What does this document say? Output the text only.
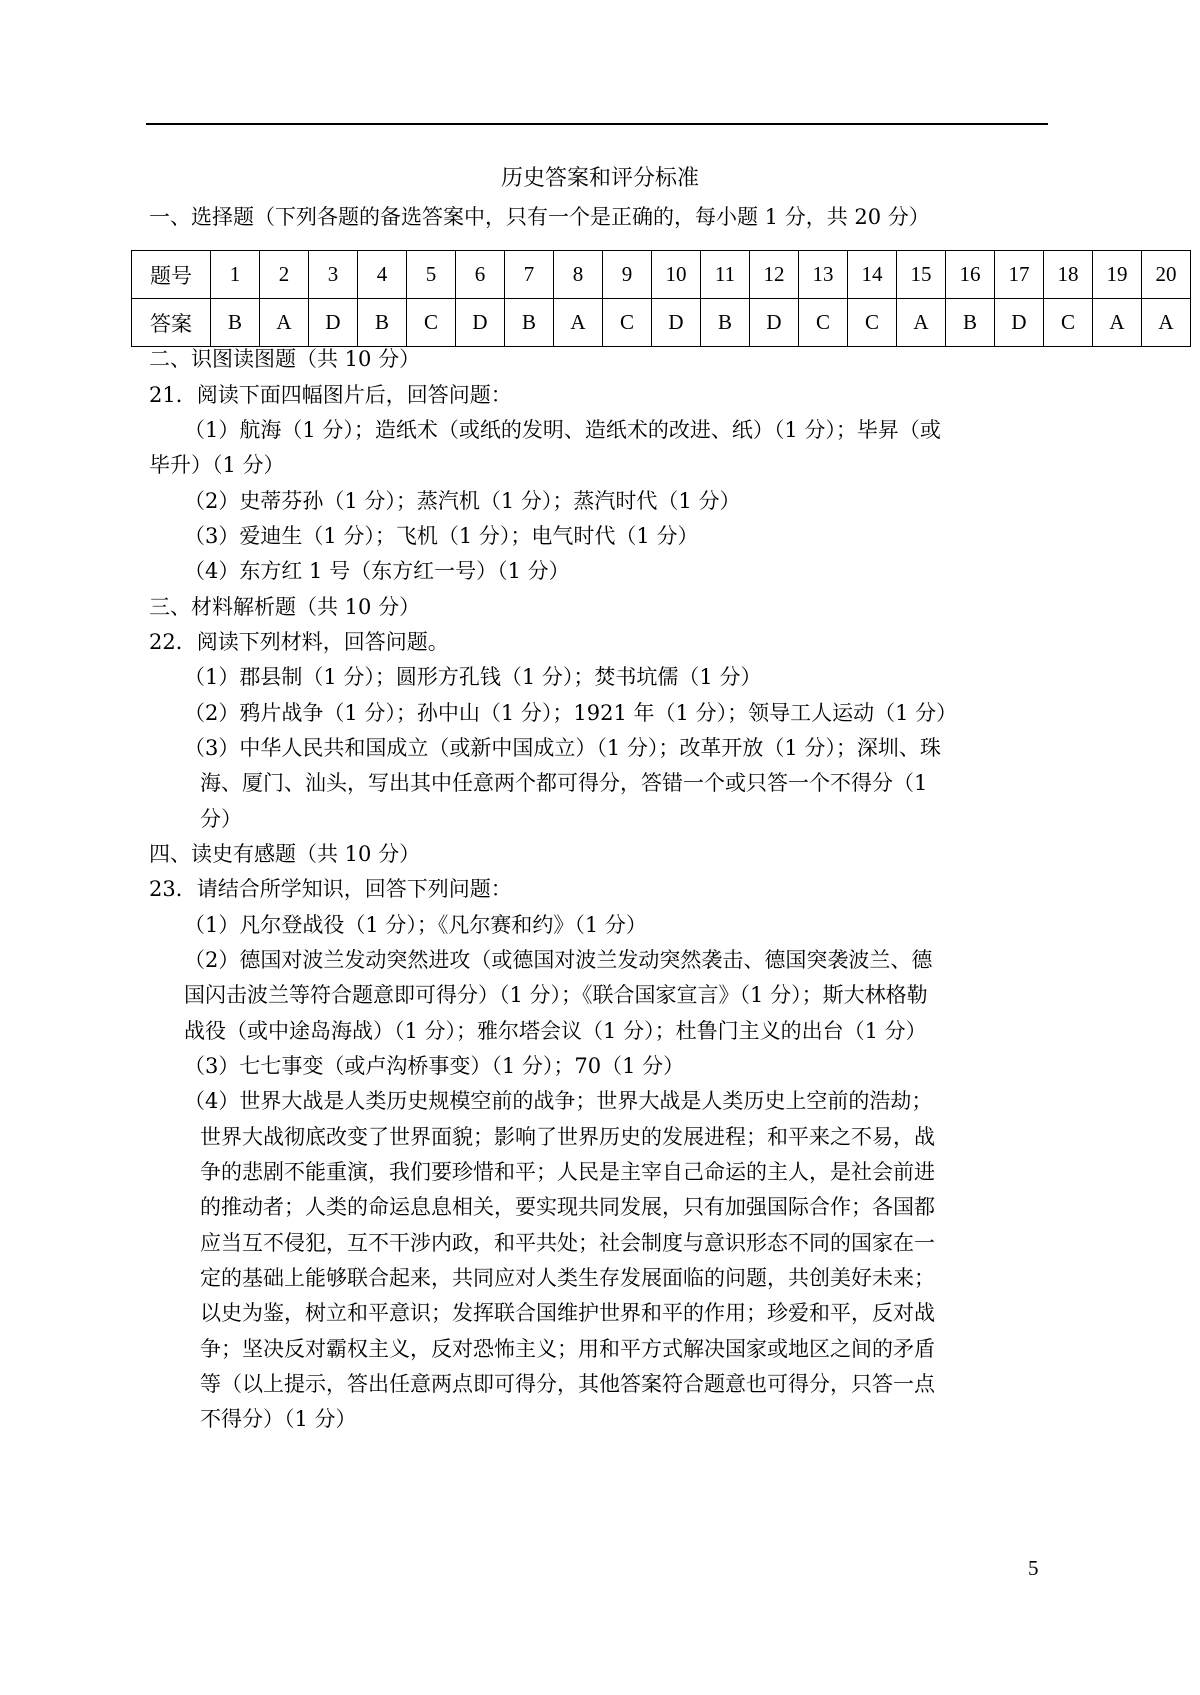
历史答案和评分标准
一、选择题（下列各题的备选答案中，只有一个是正确的，每小题 1 分，共 20 分）
题号	1	2	3	4	5	6	7	8	9	10	11	12	13	14	15	16	17	18	19	20
答案	B	A	D	B	C	D	B	A	C	D	B	D	C	C	A	B	D	C	A	A
二、识图读图题（共 10 分）
21．阅读下面四幅图片后，回答问题：
（1）航海（1 分）；造纸术（或纸的发明、造纸术的改进、纸）（1 分）；毕昇（或
毕升）（1 分）
（2）史蒂芬孙（1 分）；蒸汽机（1 分）；蒸汽时代（1 分）
（3）爱迪生（1 分）；飞机（1 分）；电气时代（1 分）
（4）东方红 1 号（东方红一号）（1 分）
三、材料解析题（共 10 分）
22．阅读下列材料，回答问题。
（1）郡县制（1 分）；圆形方孔钱（1 分）；焚书坑儒（1 分）
（2）鸦片战争（1 分）；孙中山（1 分）；1921 年（1 分）；领导工人运动（1 分）
（3）中华人民共和国成立（或新中国成立）（1 分）；改革开放（1 分）；深圳、珠
海、厦门、汕头，写出其中任意两个都可得分，答错一个或只答一个不得分（1
分）
四、读史有感题（共 10 分）
23．请结合所学知识，回答下列问题：
（1）凡尔登战役（1 分）；《凡尔赛和约》（1 分）
（2）德国对波兰发动突然进攻（或德国对波兰发动突然袭击、德国突袭波兰、德
国闪击波兰等符合题意即可得分）（1 分）；《联合国家宣言》（1 分）；斯大林格勒
战役（或中途岛海战）（1 分）；雅尔塔会议（1 分）；杜鲁门主义的出台（1 分）
（3）七七事变（或卢沟桥事变）（1 分）；70（1 分）
（4）世界大战是人类历史规模空前的战争；世界大战是人类历史上空前的浩劫；
世界大战彻底改变了世界面貌；影响了世界历史的发展进程；和平来之不易，战
争的悲剧不能重演，我们要珍惜和平；人民是主宰自己命运的主人，是社会前进
的推动者；人类的命运息息相关，要实现共同发展，只有加强国际合作；各国都
应当互不侵犯，互不干涉内政，和平共处；社会制度与意识形态不同的国家在一
定的基础上能够联合起来，共同应对人类生存发展面临的问题，共创美好未来；
以史为鉴，树立和平意识；发挥联合国维护世界和平的作用；珍爱和平，反对战
争；坚决反对霸权主义，反对恐怖主义；用和平方式解决国家或地区之间的矛盾
等（以上提示，答出任意两点即可得分，其他答案符合题意也可得分，只答一点
不得分）（1 分）
5
